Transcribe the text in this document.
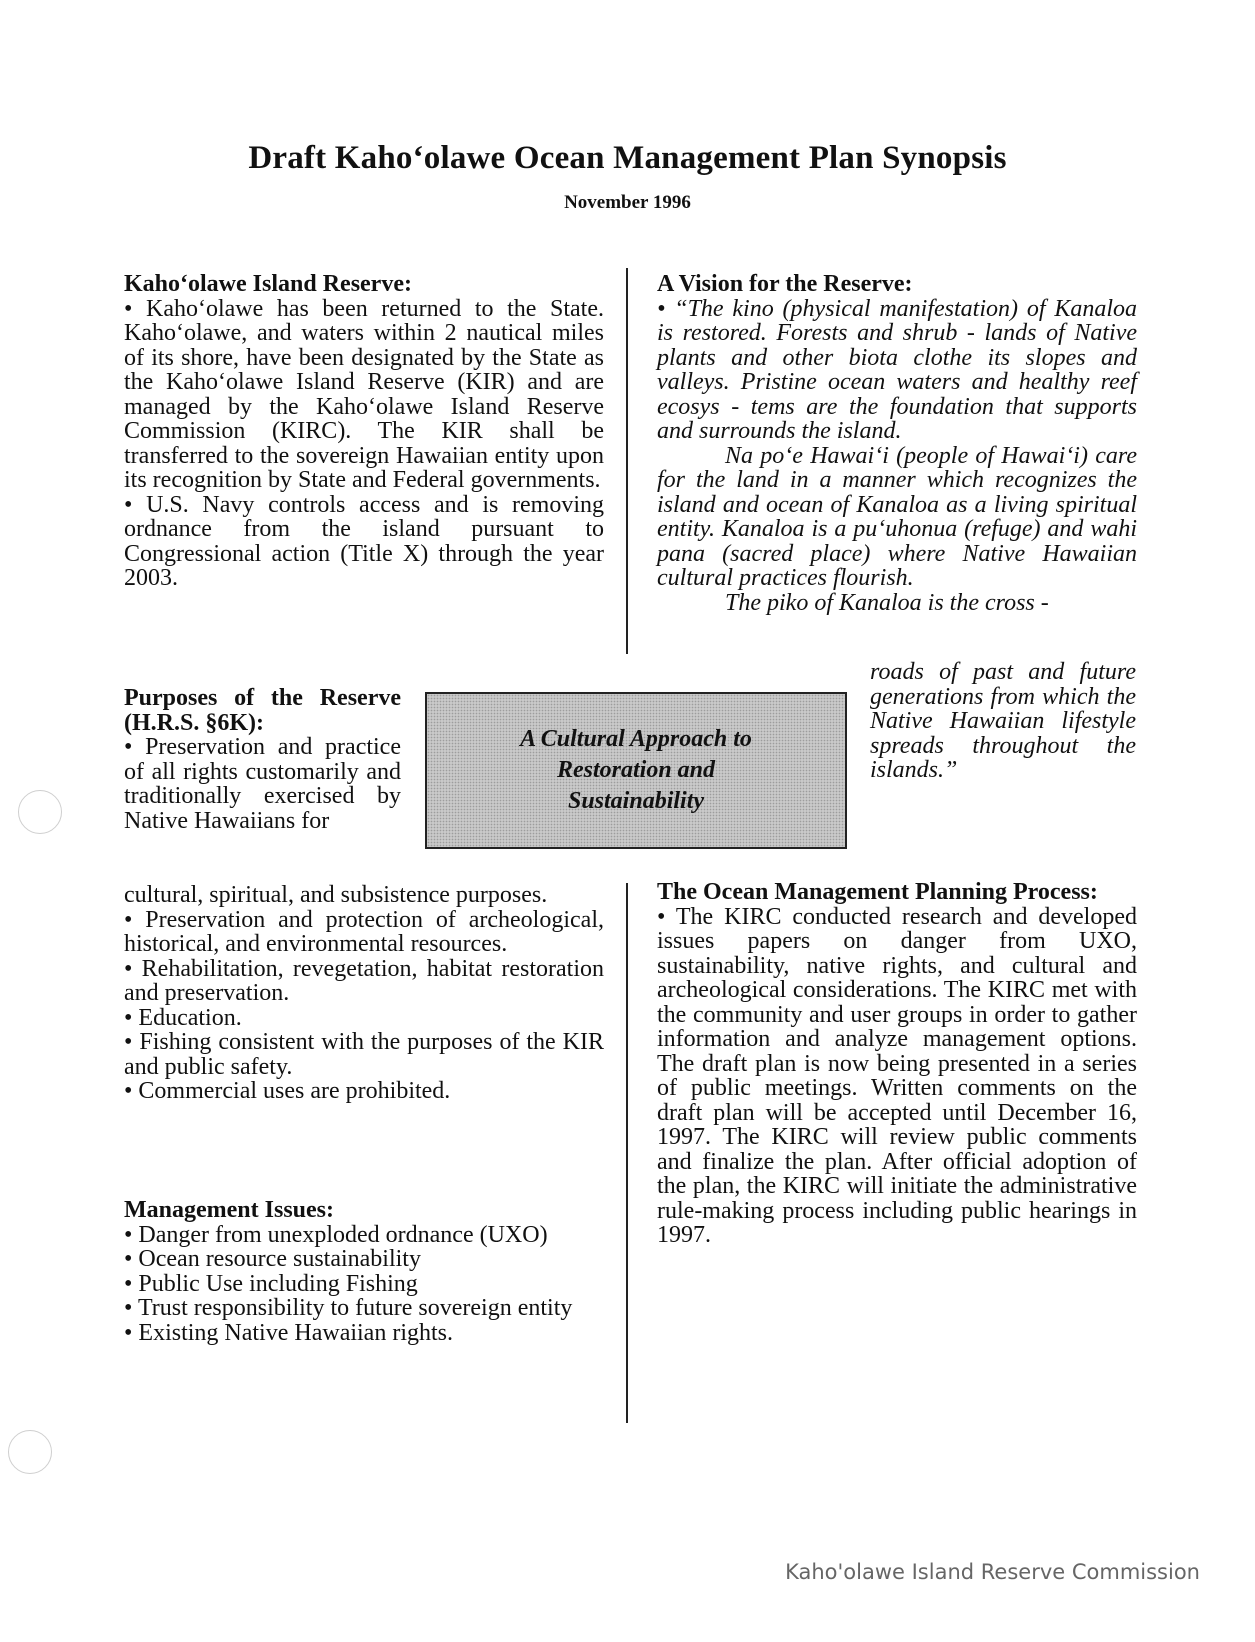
Draft Kaho‘olawe Ocean Management Plan Synopsis
November 1996

Kaho‘olawe Island Reserve:

• Kaho‘olawe has been returned to the State. Kaho‘olawe, and waters within 2 nautical miles of its shore, have been designated by the State as the Kaho‘olawe Island Reserve (KIR) and are managed by the Kaho‘olawe Island Reserve Commission (KIRC). The KIR shall be transferred to the sovereign Hawaiian entity upon its recognition by State and Federal governments.

• U.S. Navy controls access and is removing ordnance from the island pursuant to Congressional action (Title X) through the year 2003.

Purposes of the Reserve (H.R.S. §6K):

• Preservation and practice of all rights customarily and traditionally exercised by Native Hawaiians for

cultural, spiritual, and subsistence purposes.

• Preservation and protection of archeological, historical, and environmental resources.

• Rehabilitation, revegetation, habitat restoration and preservation.

• Education.

• Fishing consistent with the purposes of the KIR and public safety.

• Commercial uses are prohibited.

Management Issues:

• Danger from unexploded ordnance (UXO)

• Ocean resource sustainability

• Public Use including Fishing

• Trust responsibility to future sovereign entity

• Existing Native Hawaiian rights.

A Cultural Approach to Restoration and Sustainability

A Vision for the Reserve:

• “The kino (physical manifestation) of Kanaloa is restored. Forests and shrub - lands of Native plants and other biota clothe its slopes and valleys. Pristine ocean waters and healthy reef ecosys - tems are the foundation that supports and surrounds the island.

Na po‘e Hawai‘i (people of Hawai‘i) care for the land in a manner which recognizes the island and ocean of Kanaloa as a living spiritual entity. Kanaloa is a pu‘uhonua (refuge) and wahi pana (sacred place) where Native Hawaiian cultural practices flourish.

The piko of Kanaloa is the cross -

roads of past and future generations from which the Native Hawaiian lifestyle spreads throughout the islands.”

The Ocean Management Planning Process:

• The KIRC conducted research and developed issues papers on danger from UXO, sustainability, native rights, and cultural and archeological considerations. The KIRC met with the community and user groups in order to gather information and analyze management options. The draft plan is now being presented in a series of public meetings. Written comments on the draft plan will be accepted until December 16, 1997. The KIRC will review public comments and finalize the plan. After official adoption of the plan, the KIRC will initiate the administrative rule-making process including public hearings in 1997.

Kaho'olawe Island Reserve Commission
